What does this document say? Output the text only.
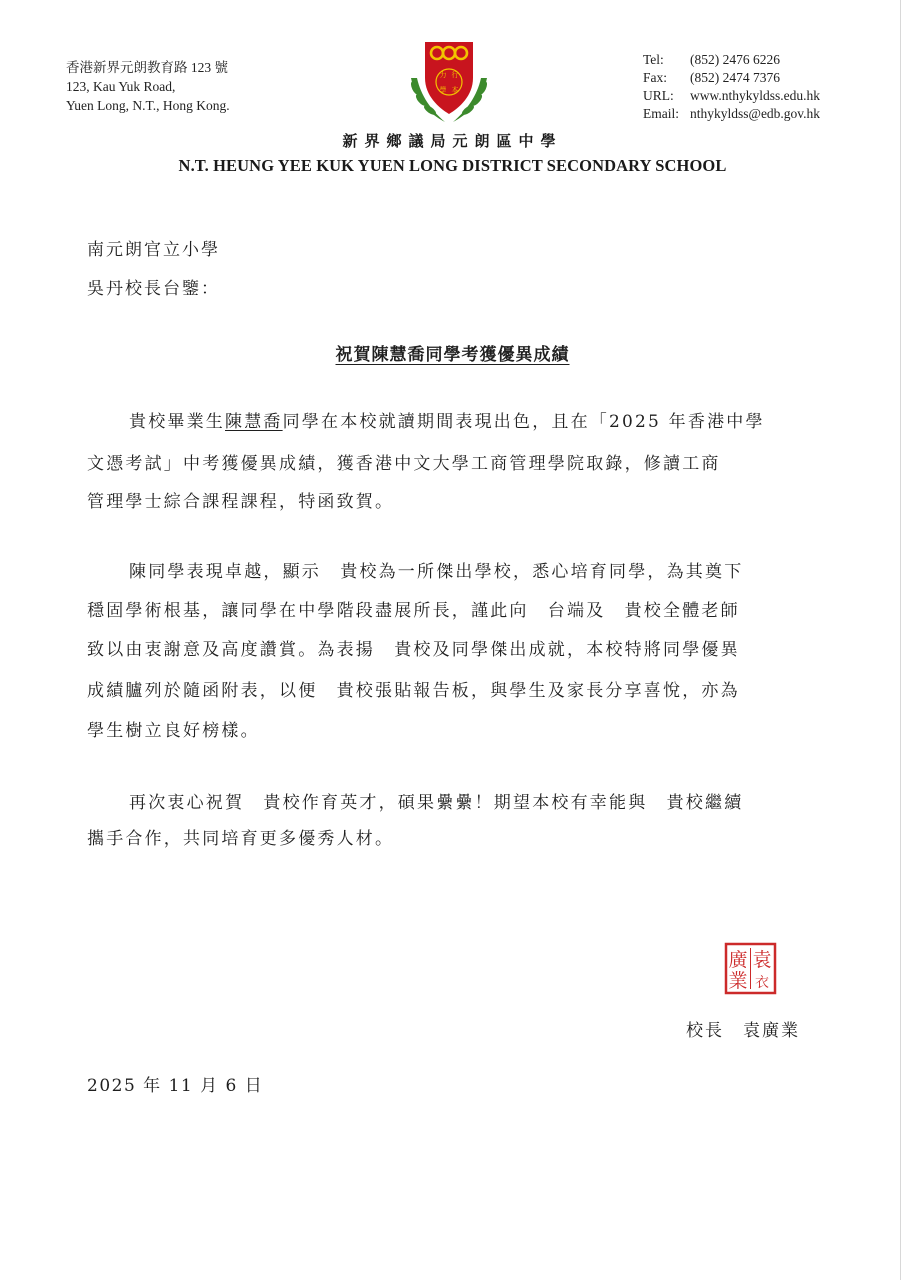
香港新界元朗教育路 123 號
123, Kau Yuk Road,
Yuen Long, N.T., Hong Kong.
力 行
學 本
Tel:	(852) 2476 6226
Fax:	(852) 2474 7376
URL:	www.nthykyldss.edu.hk
Email: nthykyldss@edb.gov.hk
新界鄉議局元朗區中學
N.T. HEUNG YEE KUK YUEN LONG DISTRICT SECONDARY SCHOOL
南元朗官立小學
吳丹校長台鑒：
祝賀陳慧喬同學考獲優異成績
貴校畢業生陳慧喬同學在本校就讀期間表現出色，且在「2025 年香港中學
文憑考試」中考獲優異成績，獲香港中文大學工商管理學院取錄，修讀工商
管理學士綜合課程課程，特函致賀。
陳同學表現卓越，顯示　貴校為一所傑出學校，悉心培育同學，為其奠下
穩固學術根基，讓同學在中學階段盡展所長，謹此向　台端及　貴校全體老師
致以由衷謝意及高度讚賞。為表揚　貴校及同學傑出成就，本校特將同學優異
成績臚列於隨函附表，以便　貴校張貼報告板，與學生及家長分享喜悅，亦為
學生樹立良好榜樣。
再次衷心祝賀　貴校作育英才，碩果纍纍！期望本校有幸能與　貴校繼續
攜手合作，共同培育更多優秀人材。
袁
廣
業 衣
校長　袁廣業
2025 年 11 月 6 日
